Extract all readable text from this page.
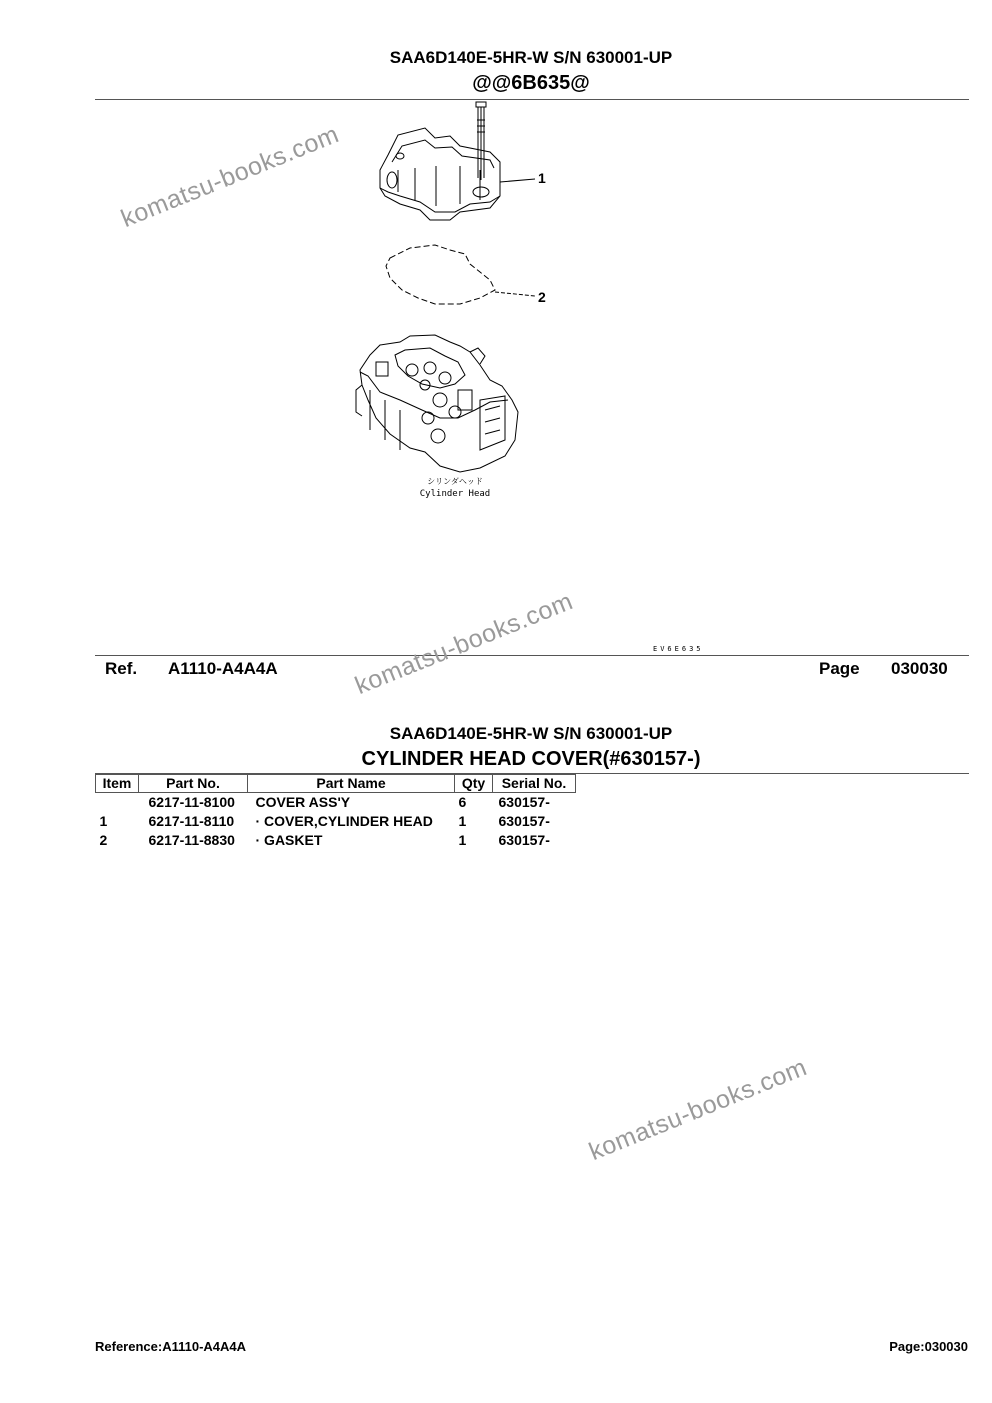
SAA6D140E-5HR-W S/N 630001-UP
@@6B635@
シリンダヘッド
Cylinder Head
1
2
EV6E635
Ref. A1110-A4A4A	Page 030030
SAA6D140E-5HR-W S/N 630001-UP
CYLINDER HEAD COVER(#630157-)
Item	Part No.	Part Name	Qty	Serial No.
	6217-11-8100	COVER ASS'Y	6	630157-
1	6217-11-8110	· COVER,CYLINDER HEAD	1	630157-
2	6217-11-8830	· GASKET	1	630157-
komatsu-books.com
komatsu-books.com
komatsu-books.com
Reference:A1110-A4A4A	Page:030030
